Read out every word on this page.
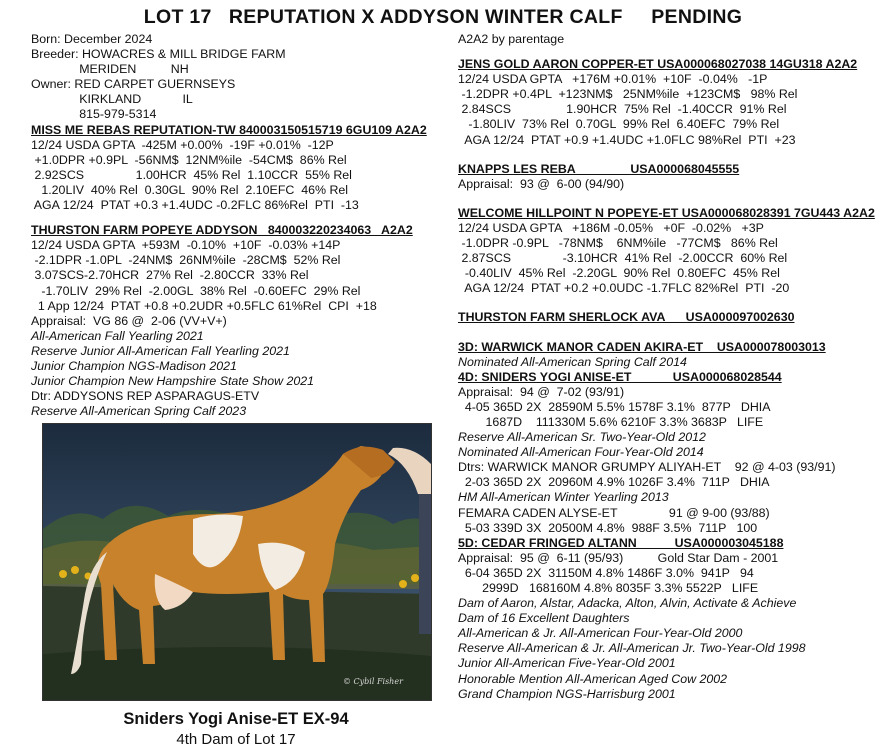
LOT 17   REPUTATION X ADDYSON WINTER CALF     PENDING
Born: December 2024
Breeder: HOWACRES & MILL BRIDGE FARM
MERIDEN          NH
Owner: RED CARPET GUERNSEYS
KIRKLAND            IL
815-979-5314
MISS ME REBAS REPUTATION-TW 840003150515719 6GU109 A2A2
12/24 USDA GPTA  -425M +0.00%  -19F +0.01%  -12P
+1.0DPR +0.9PL  -56NM$  12NM%ile  -54CM$  86% Rel
2.92SCS               1.00HCR  45% Rel  1.10CCR  55% Rel
1.20LIV  40% Rel  0.30GL  90% Rel  2.10EFC  46% Rel
AGA 12/24  PTAT +0.3 +1.4UDC -0.2FLC 86%Rel  PTI  -13
THURSTON FARM POPEYE ADDYSON   840003220234063   A2A2
12/24 USDA GPTA  +593M  -0.10%  +10F  -0.03% +14P
-2.1DPR -1.0PL  -24NM$  26NM%ile  -28CM$  52% Rel
3.07SCS-2.70HCR  27% Rel  -2.80CCR  33% Rel
-1.70LIV  29% Rel  -2.00GL  38% Rel  -0.60EFC  29% Rel
1 App 12/24  PTAT +0.8 +0.2UDR +0.5FLC 61%Rel  CPI  +18
Appraisal:  VG 86 @  2-06 (VV+V+)
All-American Fall Yearling 2021
Reserve Junior All-American Fall Yearling 2021
Junior Champion NGS-Madison 2021
Junior Champion New Hampshire State Show 2021
Dtr: ADDYSONS REP ASPARAGUS-ETV
Reserve All-American Spring Calf 2023
A2A2 by parentage
JENS GOLD AARON COPPER-ET USA000068027038 14GU318 A2A2
12/24 USDA GPTA   +176M +0.01%  +10F  -0.04%   -1P
-1.2DPR +0.4PL  +123NM$   25NM%ile  +123CM$   98% Rel
2.84SCS                1.90HCR  75% Rel  -1.40CCR  91% Rel
-1.80LIV  73% Rel  0.70GL  99% Rel  6.40EFC  79% Rel
AGA 12/24  PTAT +0.9 +1.4UDC +1.0FLC 98%Rel  PTI  +23
KNAPPS LES REBA                USA000068045555
Appraisal:  93 @  6-00 (94/90)
WELCOME HILLPOINT N POPEYE-ET USA000068028391 7GU443 A2A2
12/24 USDA GPTA   +186M -0.05%   +0F  -0.02%   +3P
-1.0DPR -0.9PL   -78NM$    6NM%ile   -77CM$   86% Rel
2.87SCS               -3.10HCR  41% Rel  -2.00CCR  60% Rel
-0.40LIV  45% Rel  -2.20GL  90% Rel  0.80EFC  45% Rel
AGA 12/24  PTAT +0.2 +0.0UDC -1.7FLC 82%Rel  PTI  -20
THURSTON FARM SHERLOCK AVA      USA000097002630
3D: WARWICK MANOR CADEN AKIRA-ET    USA000078003013
Nominated All-American Spring Calf 2014
4D: SNIDERS YOGI ANISE-ET            USA000068028544
Appraisal:  94 @  7-02 (93/91)
4-05 365D 2X  28590M 5.5% 1578F 3.1%  877P   DHIA
1687D    111330M 5.6% 6210F 3.3% 3683P   LIFE
Reserve All-American Sr. Two-Year-Old 2012
Nominated All-American Four-Year-Old 2014
Dtrs: WARWICK MANOR GRUMPY ALIYAH-ET    92 @ 4-03 (93/91)
2-03 365D 2X  20960M 4.9% 1026F 3.4%  711P   DHIA
HM All-American Winter Yearling 2013
FEMARA CADEN ALYSE-ET               91 @ 9-00 (93/88)
5-03 339D 3X  20500M 4.8%  988F 3.5%  711P   100
5D: CEDAR FRINGED ALTANN           USA000003045188
Appraisal:  95 @  6-11 (95/93)          Gold Star Dam - 2001
6-04 365D 2X  31150M 4.8% 1486F 3.0%  941P   94
2999D   168160M 4.8% 8035F 3.3% 5522P   LIFE
Dam of Aaron, Alstar, Adacka, Alton, Alvin, Activate & Achieve
Dam of 16 Excellent Daughters
All-American & Jr. All-American Four-Year-Old 2000
Reserve All-American & Jr. All-American Jr. Two-Year-Old 1998
Junior All-American Five-Year-Old 2001
Honorable Mention All-American Aged Cow 2002
Grand Champion NGS-Harrisburg 2001
© Cybil Fisher
Sniders Yogi Anise-ET EX-94
4th Dam of Lot 17
